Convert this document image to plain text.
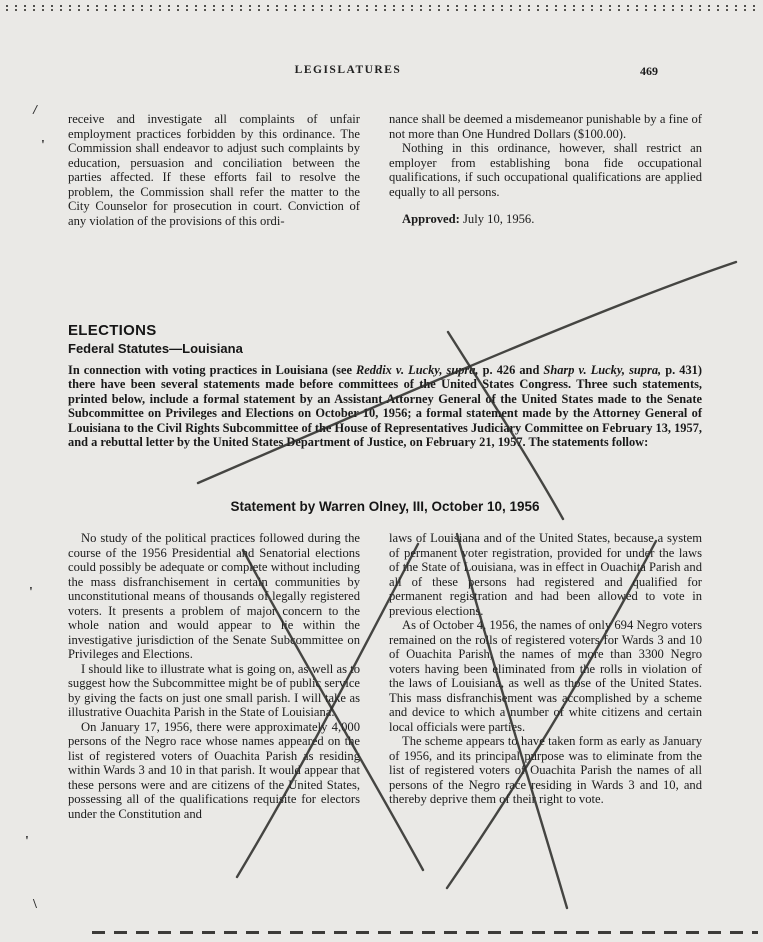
LEGISLATURES	469

receive and investigate all complaints of unfair employment practices forbidden by this ordinance. The Commission shall endeavor to adjust such complaints by education, persuasion and conciliation between the parties affected. If these efforts fail to resolve the problem, the Commission shall refer the matter to the City Counselor for prosecution in court. Conviction of any violation of the provisions of this ordi-

nance shall be deemed a misdemeanor punishable by a fine of not more than One Hundred Dollars ($100.00).

Nothing in this ordinance, however, shall restrict an employer from establishing bona fide occupational qualifications, if such occupational qualifications are applied equally to all persons.

Approved: July 10, 1956.

ELECTIONS
Federal Statutes—Louisiana
In connection with voting practices in Louisiana (see Reddix v. Lucky, supra, p. 426 and Sharp v. Lucky, supra, p. 431) there have been several statements made before committees of the United States Congress. Three such statements, printed below, include a formal statement by an Assistant Attorney General of the United States made to the Senate Subcommittee on Privileges and Elections on October 10, 1956; a formal statement made by the Attorney General of Louisiana to the Civil Rights Subcommittee of the House of Representatives Judiciary Committee on February 13, 1957, and a rebuttal letter by the United States Department of Justice, on February 21, 1957. The statements follow:
Statement by Warren Olney, III, October 10, 1956

No study of the political practices followed during the course of the 1956 Presidential and Senatorial elections could possibly be adequate or complete without including the mass disfranchisement in certain communities by unconstitutional means of thousands of legally registered voters. It presents a problem of major concern to the whole nation and would appear to lie within the investigative jurisdiction of the Senate Subcommittee on Privileges and Elections.

I should like to illustrate what is going on, as well as to suggest how the Subcommittee might be of public service by giving the facts on just one small parish. I will take as illustrative Ouachita Parish in the State of Louisiana.

On January 17, 1956, there were approximately 4,000 persons of the Negro race whose names appeared on the list of registered voters of Ouachita Parish as residing within Wards 3 and 10 in that parish. It would appear that these persons were and are citizens of the United States, possessing all of the qualifications requisite for electors under the Constitution and

laws of Louisiana and of the United States, because a system of permanent voter registration, provided for under the laws of the State of Louisiana, was in effect in Ouachita Parish and all of these persons had registered and qualified for permanent registration and had been allowed to vote in previous elections.

As of October 4, 1956, the names of only 694 Negro voters remained on the rolls of registered voters for Wards 3 and 10 of Ouachita Parish, the names of more than 3300 Negro voters having been eliminated from the rolls in violation of the laws of Louisiana, as well as those of the United States. This mass disfranchisement was accomplished by a scheme and device to which a number of white citizens and certain local officials were parties.

The scheme appears to have taken form as early as January of 1956, and its principal purpose was to eliminate from the list of registered voters of Ouachita Parish the names of all persons of the Negro race residing in Wards 3 and 10, and thereby deprive them of their right to vote.

/
'
'
'
\
